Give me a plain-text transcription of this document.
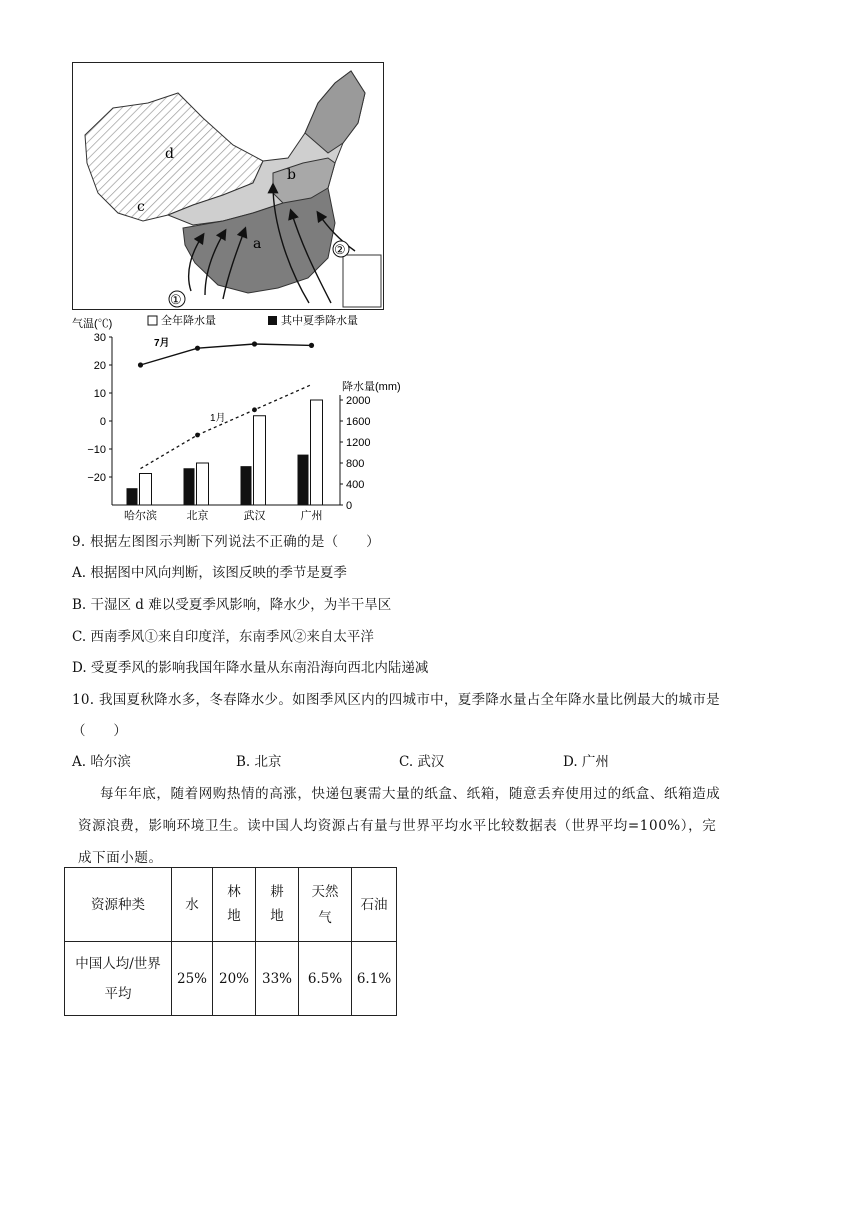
a
b
c
d
①
②
全年降水量	其中夏季降水量
气温(℃)
降水量(mm)
7月
1月
30
20
10
0
−10
−20
2000
1600
1200
800
400
0
哈尔滨	北京	武汉	广州
9. 根据左图图示判断下列说法不正确的是（　　）
A. 根据图中风向判断，该图反映的季节是夏季
B. 干湿区 d 难以受夏季风影响，降水少，为半干旱区
C. 西南季风①来自印度洋，东南季风②来自太平洋
D. 受夏季风的影响我国年降水量从东南沿海向西北内陆递减
10. 我国夏秋降水多，冬春降水少。如图季风区内的四城市中，夏季降水量占全年降水量比例最大的城市是
（　　）
A. 哈尔滨	B. 北京	C. 武汉	D. 广州
每年年底，随着网购热情的高涨，快递包裹需大量的纸盒、纸箱，随意丢弃使用过的纸盒、纸箱造成资源浪费，影响环境卫生。读中国人均资源占有量与世界平均水平比较数据表（世界平均=100%），完成下面小题。
资源种类	水	林地	耕地	天然气	石油
中国人均/世界平均	25%	20%	33%	6.5%	6.1%
